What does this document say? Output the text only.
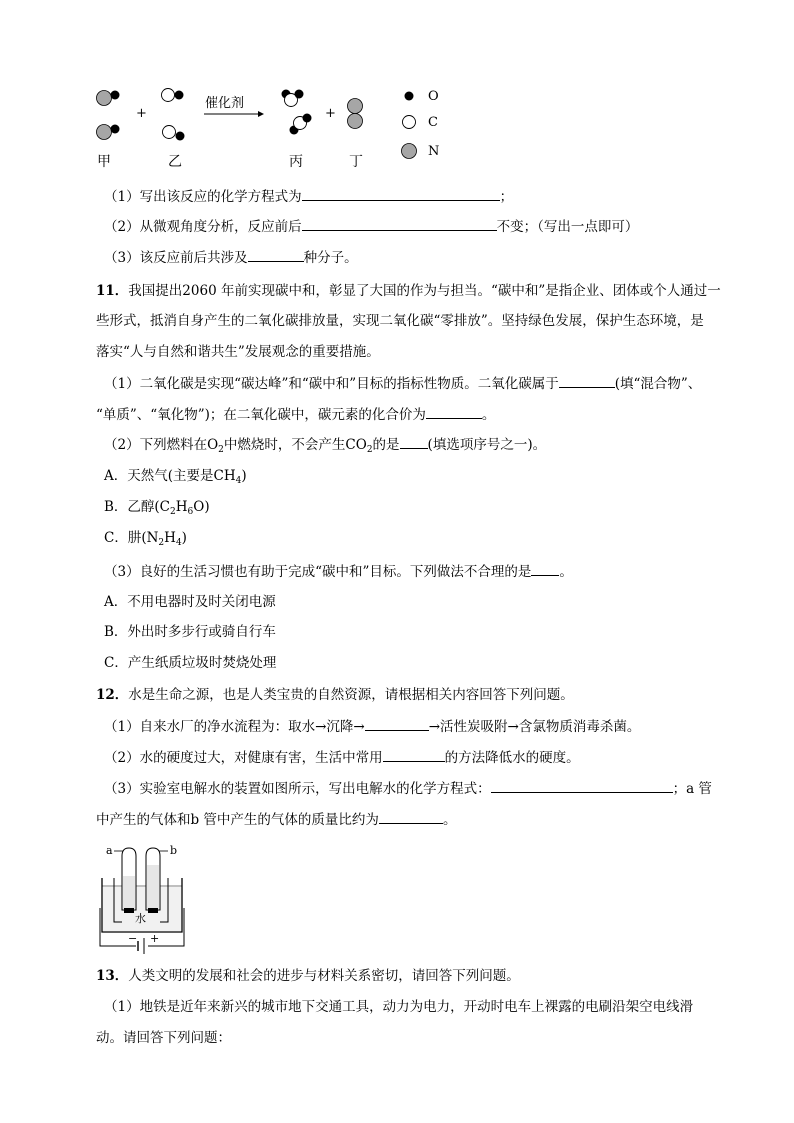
+
催化剂
+
O
C
N
甲	乙	丙	丁
（1）写出该反应的化学方程式为	；
（2）从微观角度分析，反应前后	不变；（写出一点即可）
（3）该反应前后共涉及	种分子。
11．我国提出2060 年前实现碳中和，彰显了大国的作为与担当。“碳中和”是指企业、团体或个人通过一
些形式，抵消自身产生的二氧化碳排放量，实现二氧化碳“零排放”。坚持绿色发展，保护生态环境，是
落实“人与自然和谐共生”发展观念的重要措施。
（1）二氧化碳是实现“碳达峰”和“碳中和”目标的指标性物质。二氧化碳属于	(填“混合物”、
“单质”、“氧化物”)；在二氧化碳中，碳元素的化合价为	。
（2）下列燃料在$O_2$中燃烧时，不会产生$CO_2$的是 (填选项序号之一)。
A．天然气(主要是$CH_4$)
B．乙醇$(C_2H_6O)$
C．肼$(N_2H_4)$
（3）良好的生活习惯也有助于完成“碳中和”目标。下列做法不合理的是 。
A．不用电器时及时关闭电源
B．外出时多步行或骑自行车
C．产生纸质垃圾时焚烧处理
12．水是生命之源，也是人类宝贵的自然资源，请根据相关内容回答下列问题。
（1）自来水厂的净水流程为：取水→沉降→	→活性炭吸附→含氯物质消毒杀菌。
（2）水的硬度过大，对健康有害，生活中常用	的方法降低水的硬度。
（3）实验室电解水的装置如图所示，写出电解水的化学方程式：	；a 管
中产生的气体和b 管中产生的气体的质量比约为	。
a	b
水
− +
13．人类文明的发展和社会的进步与材料关系密切，请回答下列问题。
（1）地铁是近年来新兴的城市地下交通工具，动力为电力，开动时电车上裸露的电刷沿架空电线滑
动。请回答下列问题：
